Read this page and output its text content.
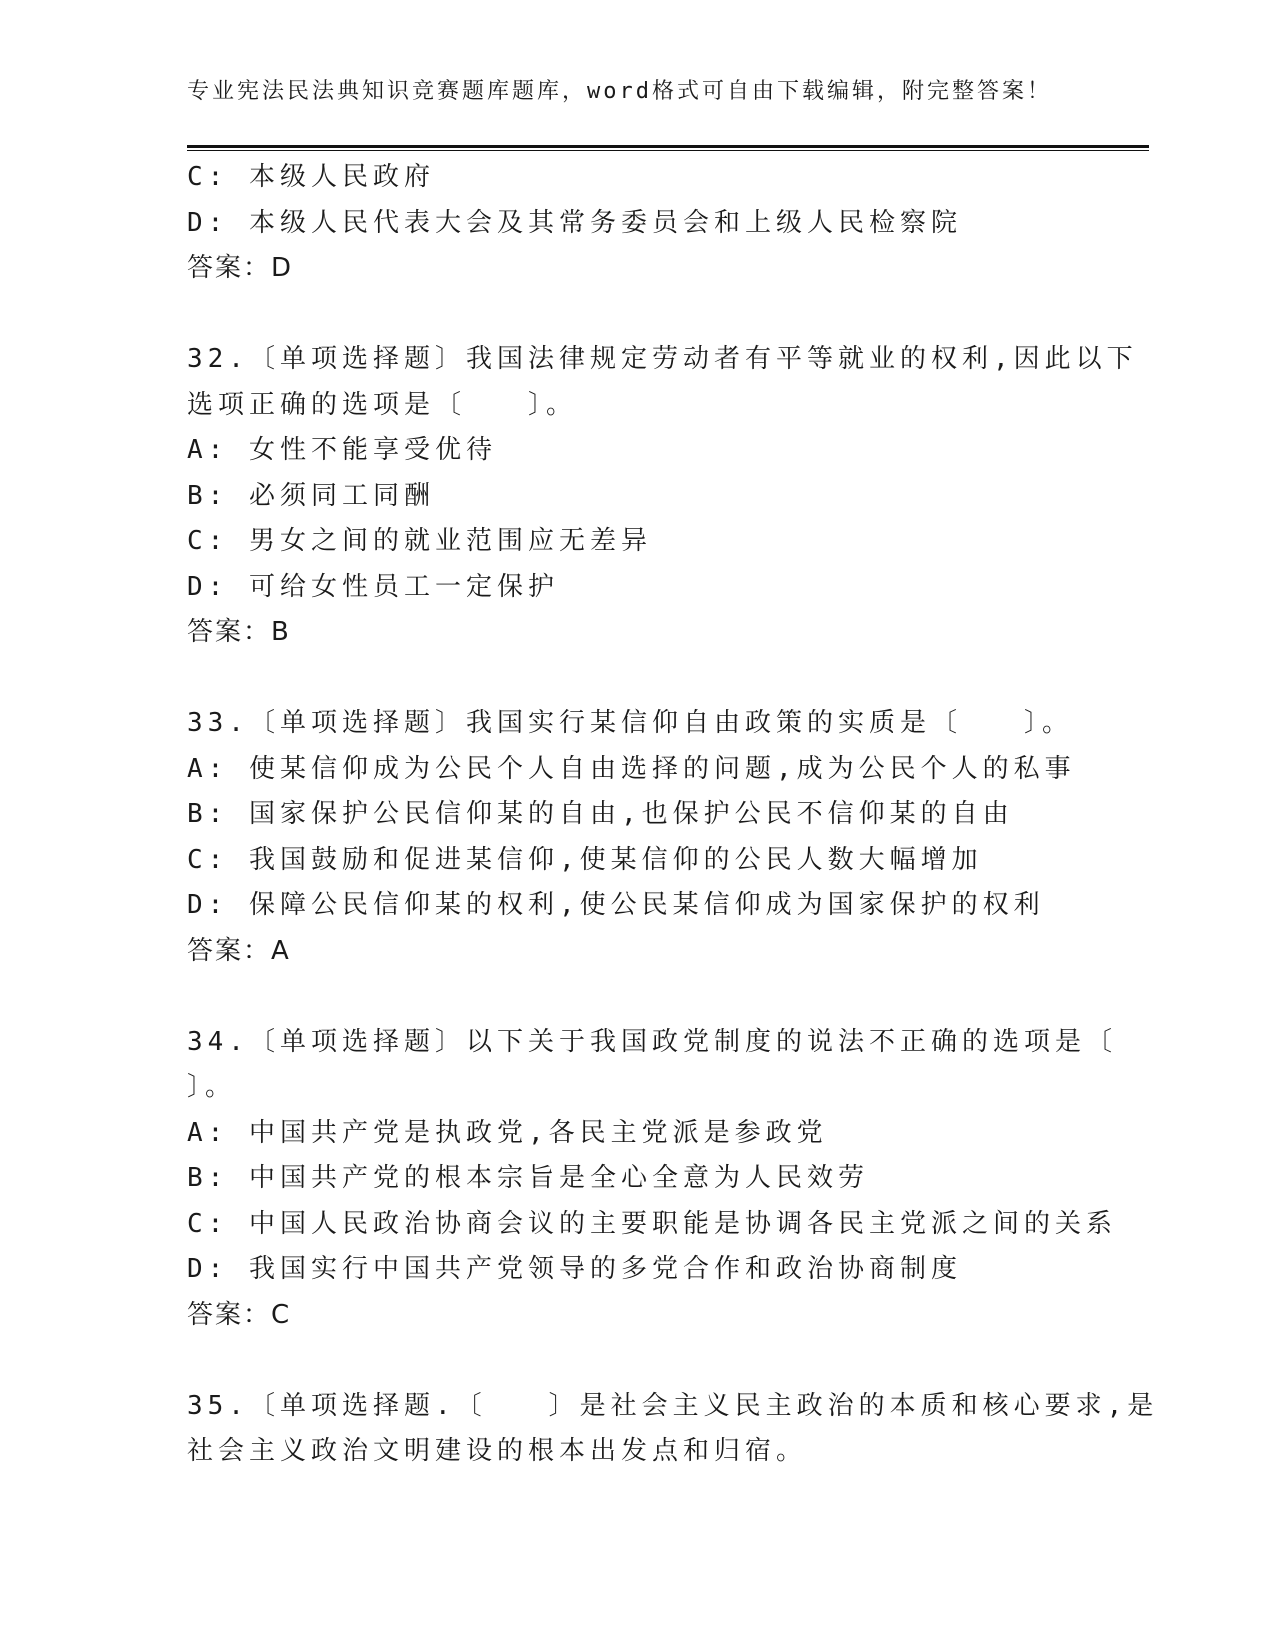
专业宪法民法典知识竞赛题库题库，word格式可自由下载编辑，附完整答案！
C: 本级人民政府
D: 本级人民代表大会及其常务委员会和上级人民检察院
答案：D
32.〔单项选择题〕我国法律规定劳动者有平等就业的权利,因此以下
选项正确的选项是〔　　〕。
A: 女性不能享受优待
B: 必须同工同酬
C: 男女之间的就业范围应无差异
D: 可给女性员工一定保护
答案：B
33.〔单项选择题〕我国实行某信仰自由政策的实质是〔　　〕。
A: 使某信仰成为公民个人自由选择的问题,成为公民个人的私事
B: 国家保护公民信仰某的自由,也保护公民不信仰某的自由
C: 我国鼓励和促进某信仰,使某信仰的公民人数大幅增加
D: 保障公民信仰某的权利,使公民某信仰成为国家保护的权利
答案：A
34.〔单项选择题〕以下关于我国政党制度的说法不正确的选项是〔
〕。
A: 中国共产党是执政党,各民主党派是参政党
B: 中国共产党的根本宗旨是全心全意为人民效劳
C: 中国人民政治协商会议的主要职能是协调各民主党派之间的关系
D: 我国实行中国共产党领导的多党合作和政治协商制度
答案：C
35.〔单项选择题.〔　　〕是社会主义民主政治的本质和核心要求,是
社会主义政治文明建设的根本出发点和归宿。
